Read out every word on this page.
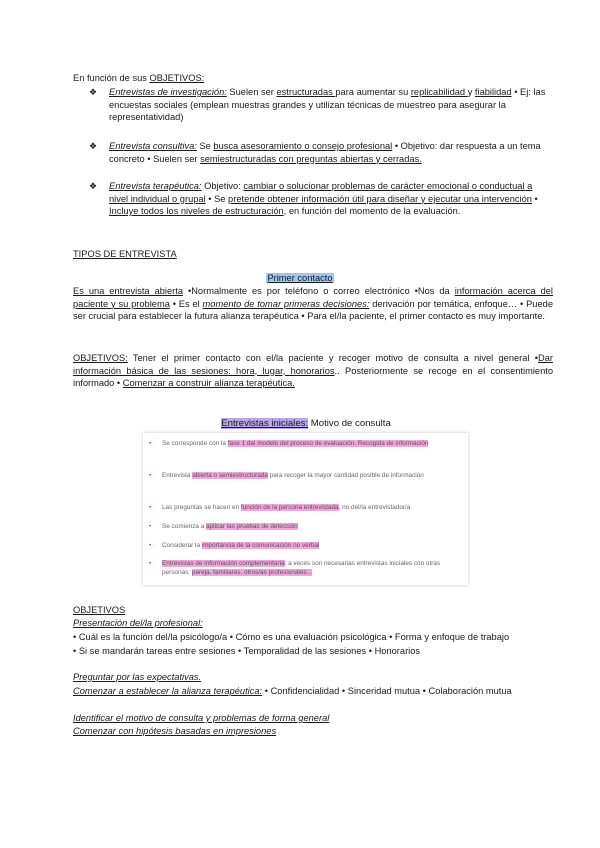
En función de sus OBJETIVOS:
❖ Entrevistas de investigación: Suelen ser estructuradas para aumentar su replicabilidad y fiabilidad • Ej: las encuestas sociales (emplean muestras grandes y utilizan técnicas de muestreo para asegurar la representatividad)
❖ Entrevista consultiva: Se busca asesoramiento o consejo profesional • Objetivo: dar respuesta a un tema concreto • Suelen ser semiestructuradas con preguntas abiertas y cerradas.
❖ Entrevista terapéutica: Objetivo: cambiar o solucionar problemas de carácter emocional o conductual a nivel individual o grupal • Se pretende obtener información útil para diseñar y ejecutar una intervención • Incluye todos los niveles de estructuración, en función del momento de la evaluación.
TIPOS DE ENTREVISTA
Primer contacto
Es una entrevista abierta •Normalmente es por teléfono o correo electrónico •Nos da información acerca del paciente y su problema • Es el momento de tomar primeras decisiones: derivación por temática, enfoque… • Puede ser crucial para establecer la futura alianza terapéutica • Para el/la paciente, el primer contacto es muy importante.
OBJETIVOS: Tener el primer contacto con el/la paciente y recoger motivo de consulta a nivel general •Dar información básica de las sesiones: hora, lugar, honorarios.. Posteriormente se recoge en el consentimiento informado • Comenzar a construir alianza terapéutica.
Entrevistas iniciales: Motivo de consulta
• Se corresponde con la fase 1 del modelo del proceso de evaluación. Recogida de información
• Entrevista abierta o semiestructurada para recoger la mayor cantidad posible de información
• Las preguntas se hacen en función de la persona entrevistada, no del/la entrevistador/a
• Se comienza a aplicar las pruebas de detección
• Considerar la importancia de la comunicación no verbal
• Entrevistas de información complementaria: a veces son necesarias entrevistas iniciales con otras personas: pareja, familiares, otros/as profesionales...
OBJETIVOS
Presentación del/la profesional:
• Cuál es la función del/la psicólogo/a • Cómo es una evaluación psicológica • Forma y enfoque de trabajo
• Si se mandarán tareas entre sesiones • Temporalidad de las sesiones • Honorarios
Preguntar por las expectativas.
Comenzar a establecer la alianza terapéutica: • Confidencialidad • Sinceridad mutua • Colaboración mutua
Identificar el motivo de consulta y problemas de forma general
Comenzar con hipótesis basadas en impresiones
